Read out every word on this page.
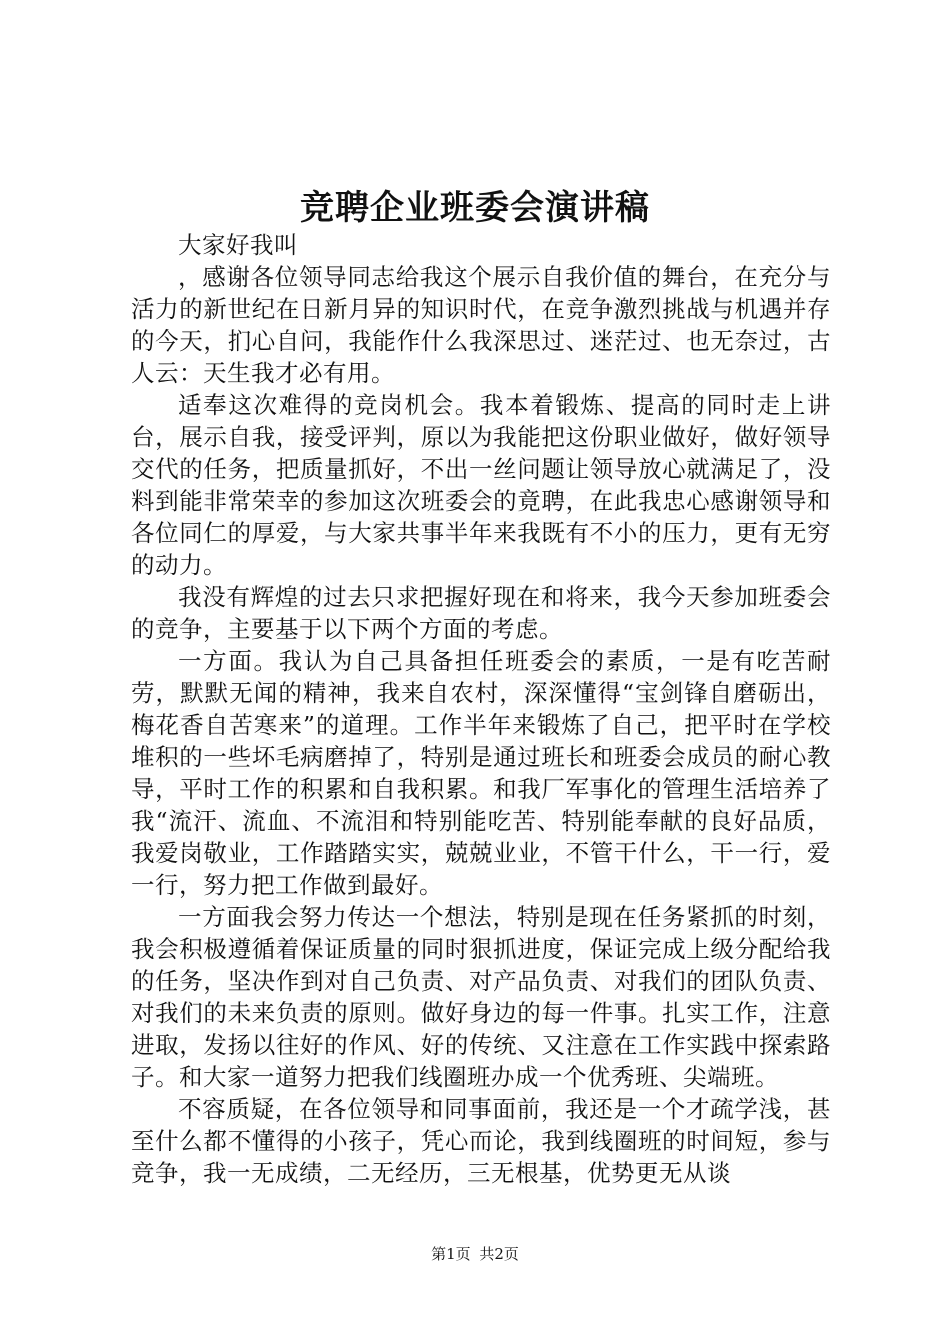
竞聘企业班委会演讲稿

大家好我叫

，感谢各位领导同志给我这个展示自我价值的舞台，在充分与活力的新世纪在日新月异的知识时代，在竞争激烈挑战与机遇并存的今天，扪心自问，我能作什么我深思过、迷茫过、也无奈过，古人云：天生我才必有用。

适奉这次难得的竞岗机会。我本着锻炼、提高的同时走上讲台，展示自我，接受评判，原以为我能把这份职业做好，做好领导交代的任务，把质量抓好，不出一丝问题让领导放心就满足了，没料到能非常荣幸的参加这次班委会的竟聘，在此我忠心感谢领导和各位同仁的厚爱，与大家共事半年来我既有不小的压力，更有无穷的动力。

我没有辉煌的过去只求把握好现在和将来，我今天参加班委会的竞争，主要基于以下两个方面的考虑。

一方面。我认为自己具备担任班委会的素质，一是有吃苦耐劳，默默无闻的精神，我来自农村，深深懂得“宝剑锋自磨砺出，梅花香自苦寒来”的道理。工作半年来锻炼了自己，把平时在学校堆积的一些坏毛病磨掉了，特别是通过班长和班委会成员的耐心教导，平时工作的积累和自我积累。和我厂军事化的管理生活培养了我“流汗、流血、不流泪和特别能吃苦、特别能奉献的良好品质，我爱岗敬业，工作踏踏实实，兢兢业业，不管干什么，干一行，爱一行，努力把工作做到最好。

一方面我会努力传达一个想法，特别是现在任务紧抓的时刻，我会积极遵循着保证质量的同时狠抓进度，保证完成上级分配给我的任务，坚决作到对自己负责、对产品负责、对我们的团队负责、对我们的未来负责的原则。做好身边的每一件事。扎实工作，注意进取，发扬以往好的作风、好的传统、又注意在工作实践中探索路子。和大家一道努力把我们线圈班办成一个优秀班、尖端班。

不容质疑，在各位领导和同事面前，我还是一个才疏学浅，甚至什么都不懂得的小孩子，凭心而论，我到线圈班的时间短，参与竞争，我一无成绩，二无经历，三无根基，优势更无从谈

第1页 共2页
